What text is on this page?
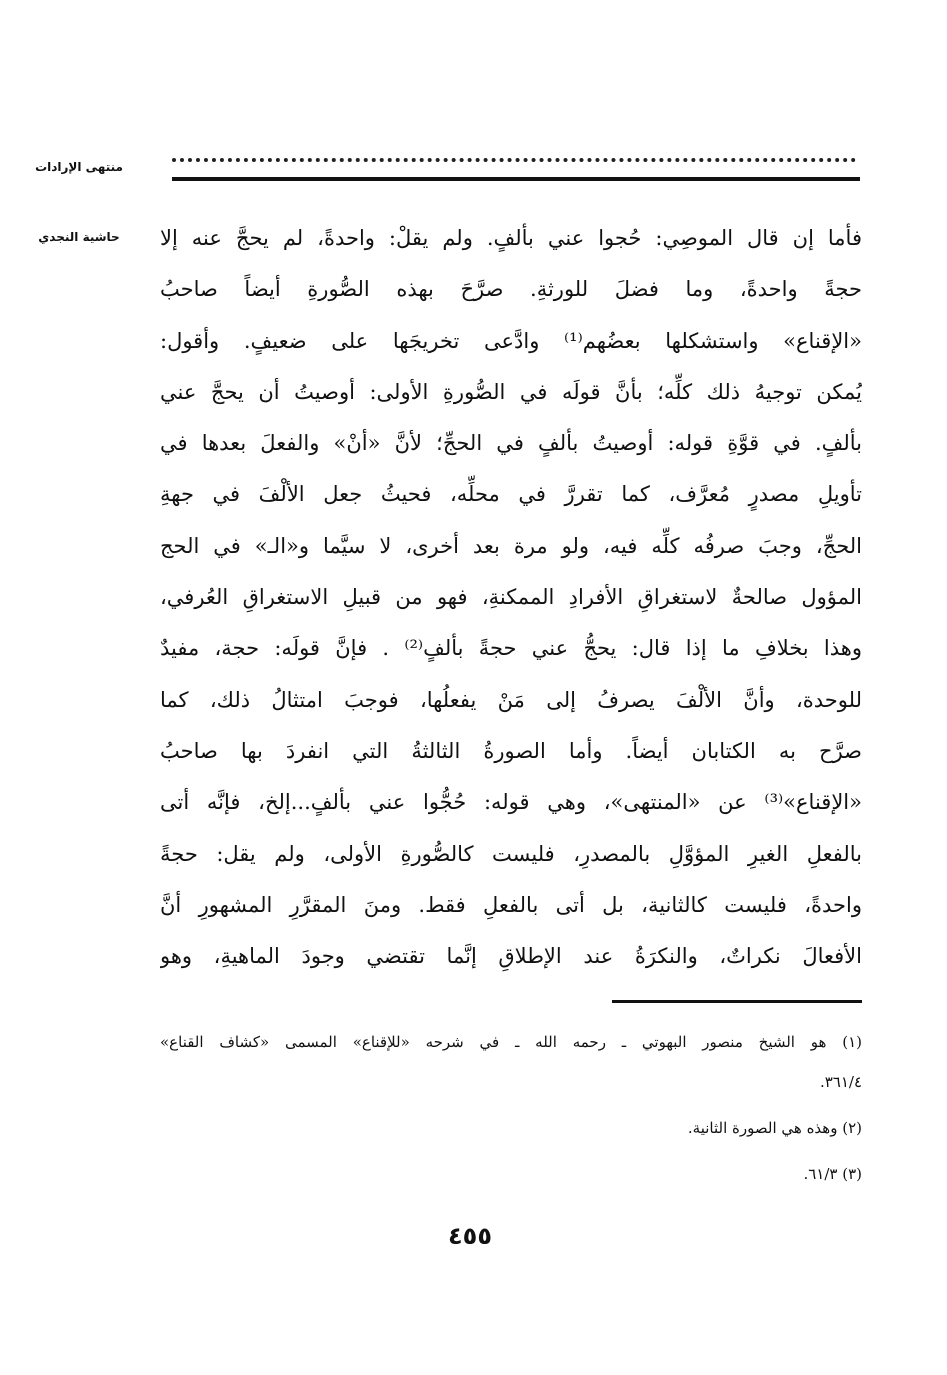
منتهى الإرادات
حاشية النجدي	فأما إن قال الموصِي: حُجوا عني بألفٍ. ولم يقلْ: واحدةً، لم يحجَّ عنه إلا
حجةً واحدةً، وما فضلَ للورثةِ. صرَّحَ بهذه الصُّورةِ أيضاً صاحبُ
«الإقناع» واستشكلها بعضُهم⁽¹⁾ وادَّعى تخريجَها على ضعيفٍ. وأقول:
يُمكن توجيهُ ذلك كلِّه؛ بأنَّ قولَه في الصُّورةِ الأولى: أوصيتُ أن يحجَّ عني
بألفٍ. في قوَّةِ قوله: أوصيتُ بألفٍ في الحجِّ؛ لأنَّ «أنْ» والفعلَ بعدها في
تأويلِ مصدرٍ مُعرَّف، كما تقررَّ في محلِّه، فحيثُ جعل الألْفَ في جهةِ
الحجِّ، وجبَ صرفُه كلِّه فيه، ولو مرة بعد أخرى، لا سيَّما و«الـ» في الحج
المؤول صالحةٌ لاستغراقِ الأفرادِ الممكنةِ، فهو من قبيلِ الاستغراقِ العُرفي،
وهذا بخلافِ ما إذا قال: يحجُّ عني حجةً بألفٍ⁽²⁾ . فإنَّ قولَه: حجة، مفيدٌ
للوحدة، وأنَّ الألْفَ يصرفُ إلى مَنْ يفعلُها، فوجبَ امتثالُ ذلك، كما
صرَّح به الكتابان أيضاً. وأما الصورةُ الثالثةُ التي انفردَ بها صاحبُ
«الإقناع»⁽³⁾ عن «المنتهى»، وهي قوله: حُجُّوا عني بألفٍ...إلخ، فإنَّه أتى
بالفعلِ الغيرِ المؤوَّلِ بالمصدرِ، فليست كالصُّورةِ الأولى، ولم يقل: حجةً
واحدةً، فليست كالثانية، بل أتى بالفعلِ فقط. ومنَ المقرَّرِ المشهورِ أنَّ
الأفعالَ نكراتٌ، والنكرَةُ عند الإطلاقِ إنَّما تقتضي وجودَ الماهيةِ، وهو
(١) هو الشيخ منصور البهوتي ـ رحمه الله ـ في شرحه «للإقناع» المسمى «كشاف القناع»
٣٦١/٤.
(٢) وهذه هي الصورة الثانية.
(٣) ٦١/٣.
٤٥٥
